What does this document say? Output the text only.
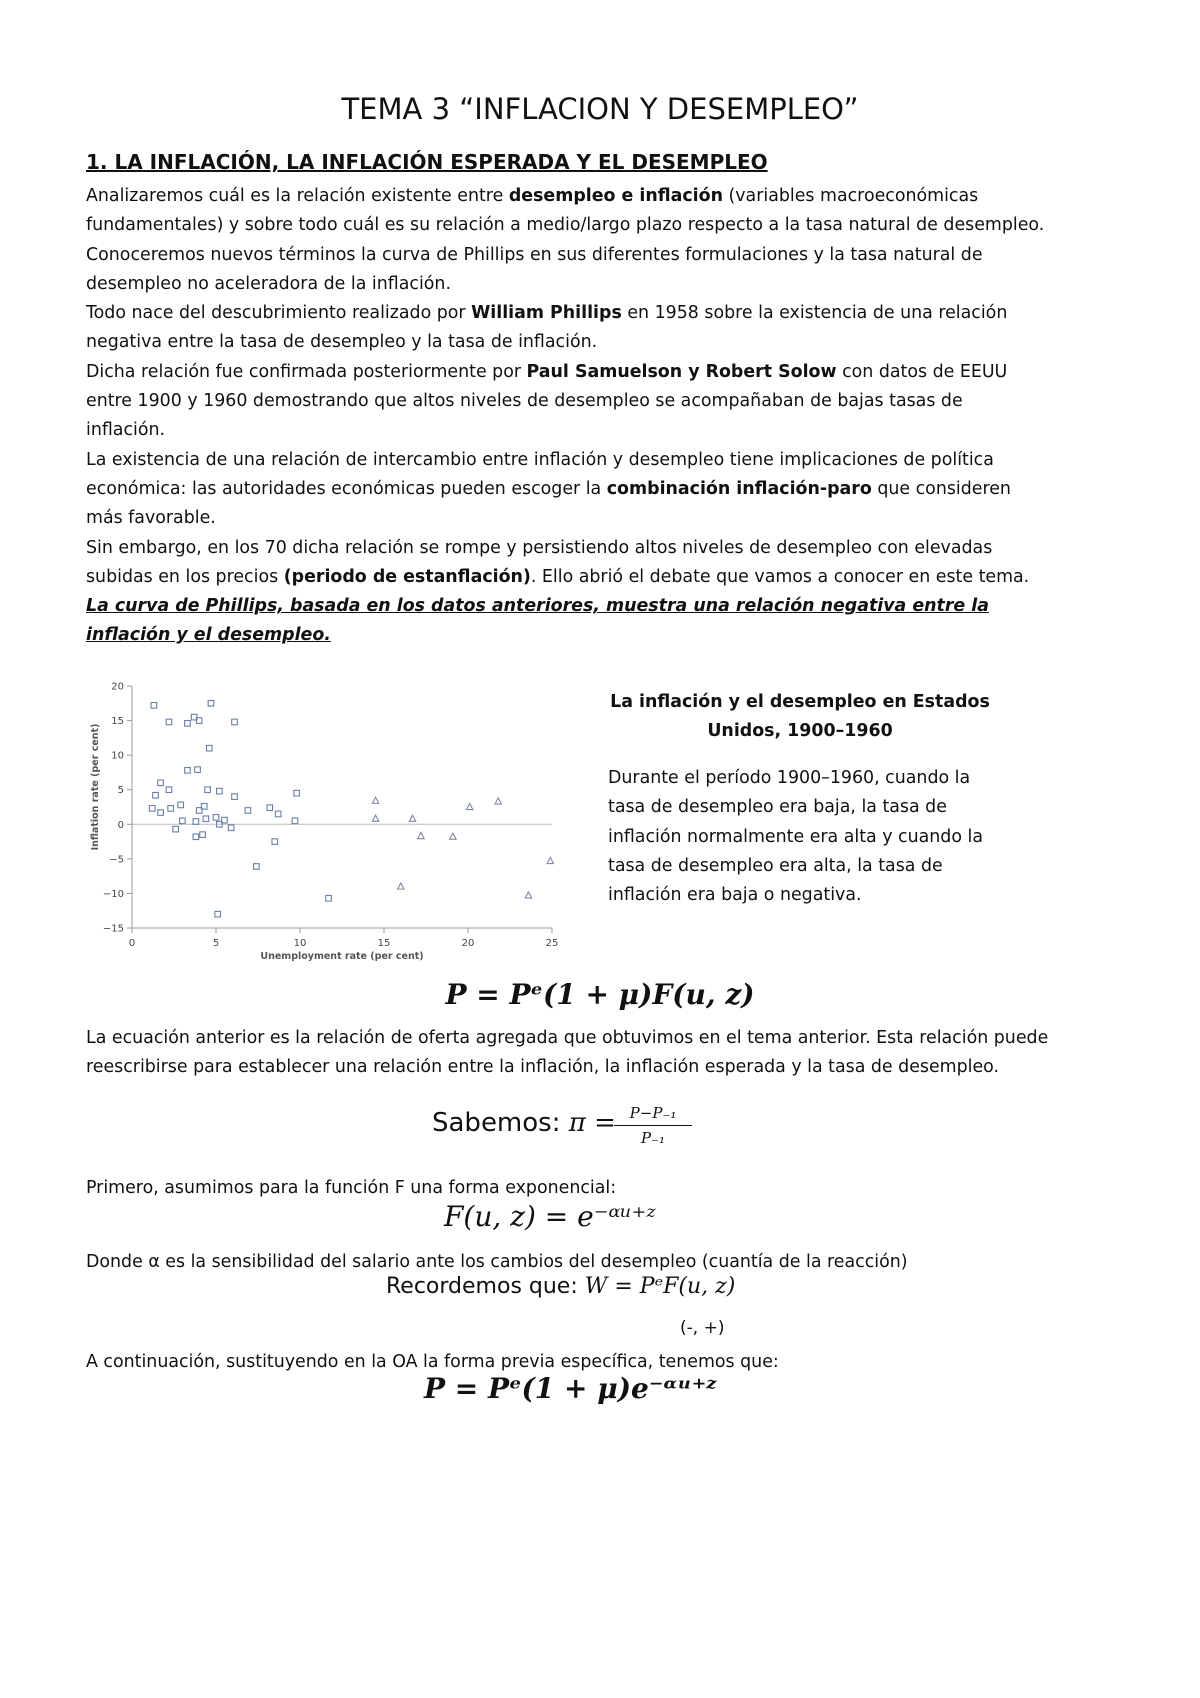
TEMA 3 “INFLACION Y DESEMPLEO”
1. LA INFLACIÓN, LA INFLACIÓN ESPERADA Y EL DESEMPLEO

Analizaremos cuál es la relación existente entre desempleo e inflación (variables macroeconómicas fundamentales) y sobre todo cuál es su relación a medio/largo plazo respecto a la tasa natural de desempleo.

Conoceremos nuevos términos la curva de Phillips en sus diferentes formulaciones y la tasa natural de desempleo no aceleradora de la inflación.

Todo nace del descubrimiento realizado por William Phillips en 1958 sobre la existencia de una relación negativa entre la tasa de desempleo y la tasa de inflación.

Dicha relación fue confirmada posteriormente por Paul Samuelson y Robert Solow con datos de EEUU entre 1900 y 1960 demostrando que altos niveles de desempleo se acompañaban de bajas tasas de inflación.

La existencia de una relación de intercambio entre inflación y desempleo tiene implicaciones de política económica: las autoridades económicas pueden escoger la combinación inflación-paro que consideren más favorable.

Sin embargo, en los 70 dicha relación se rompe y persistiendo altos niveles de desempleo con elevadas subidas en los precios (periodo de estanflación). Ello abrió el debate que vamos a conocer en este tema.

La curva de Phillips, basada en los datos anteriores, muestra una relación negativa entre la inflación y el desempleo.

20
15
10
5
0
−5
−10
−15
0	5	10	15	20	25
Unemployment rate (per cent)
Inflation rate (per cent)
La inflación y el desempleo en Estados Unidos, 1900–1960
Durante el período 1900–1960, cuando la tasa de desempleo era baja, la tasa de inflación normalmente era alta y cuando la tasa de desempleo era alta, la tasa de inflación era baja o negativa.
P = Pᵉ(1 + μ)F(u, z)
La ecuación anterior es la relación de oferta agregada que obtuvimos en el tema anterior. Esta relación puede reescribirse para establecer una relación entre la inflación, la inflación esperada y la tasa de desempleo.
Sabemos: π =
$\frac{\text{P−P₋₁}}{\text{P₋₁}}$
Primero, asumimos para la función F una forma exponencial:
F(u, z) = e⁻ᵅᵘ⁺ᶻ
Donde α es la sensibilidad del salario ante los cambios del desempleo (cuantía de la reacción)
Recordemos que: W = PᵉF(u, z)
(-, +)
A continuación, sustituyendo en la OA la forma previa específica, tenemos que:
P = Pᵉ(1 + μ)e⁻ᵅᵘ⁺ᶻ
